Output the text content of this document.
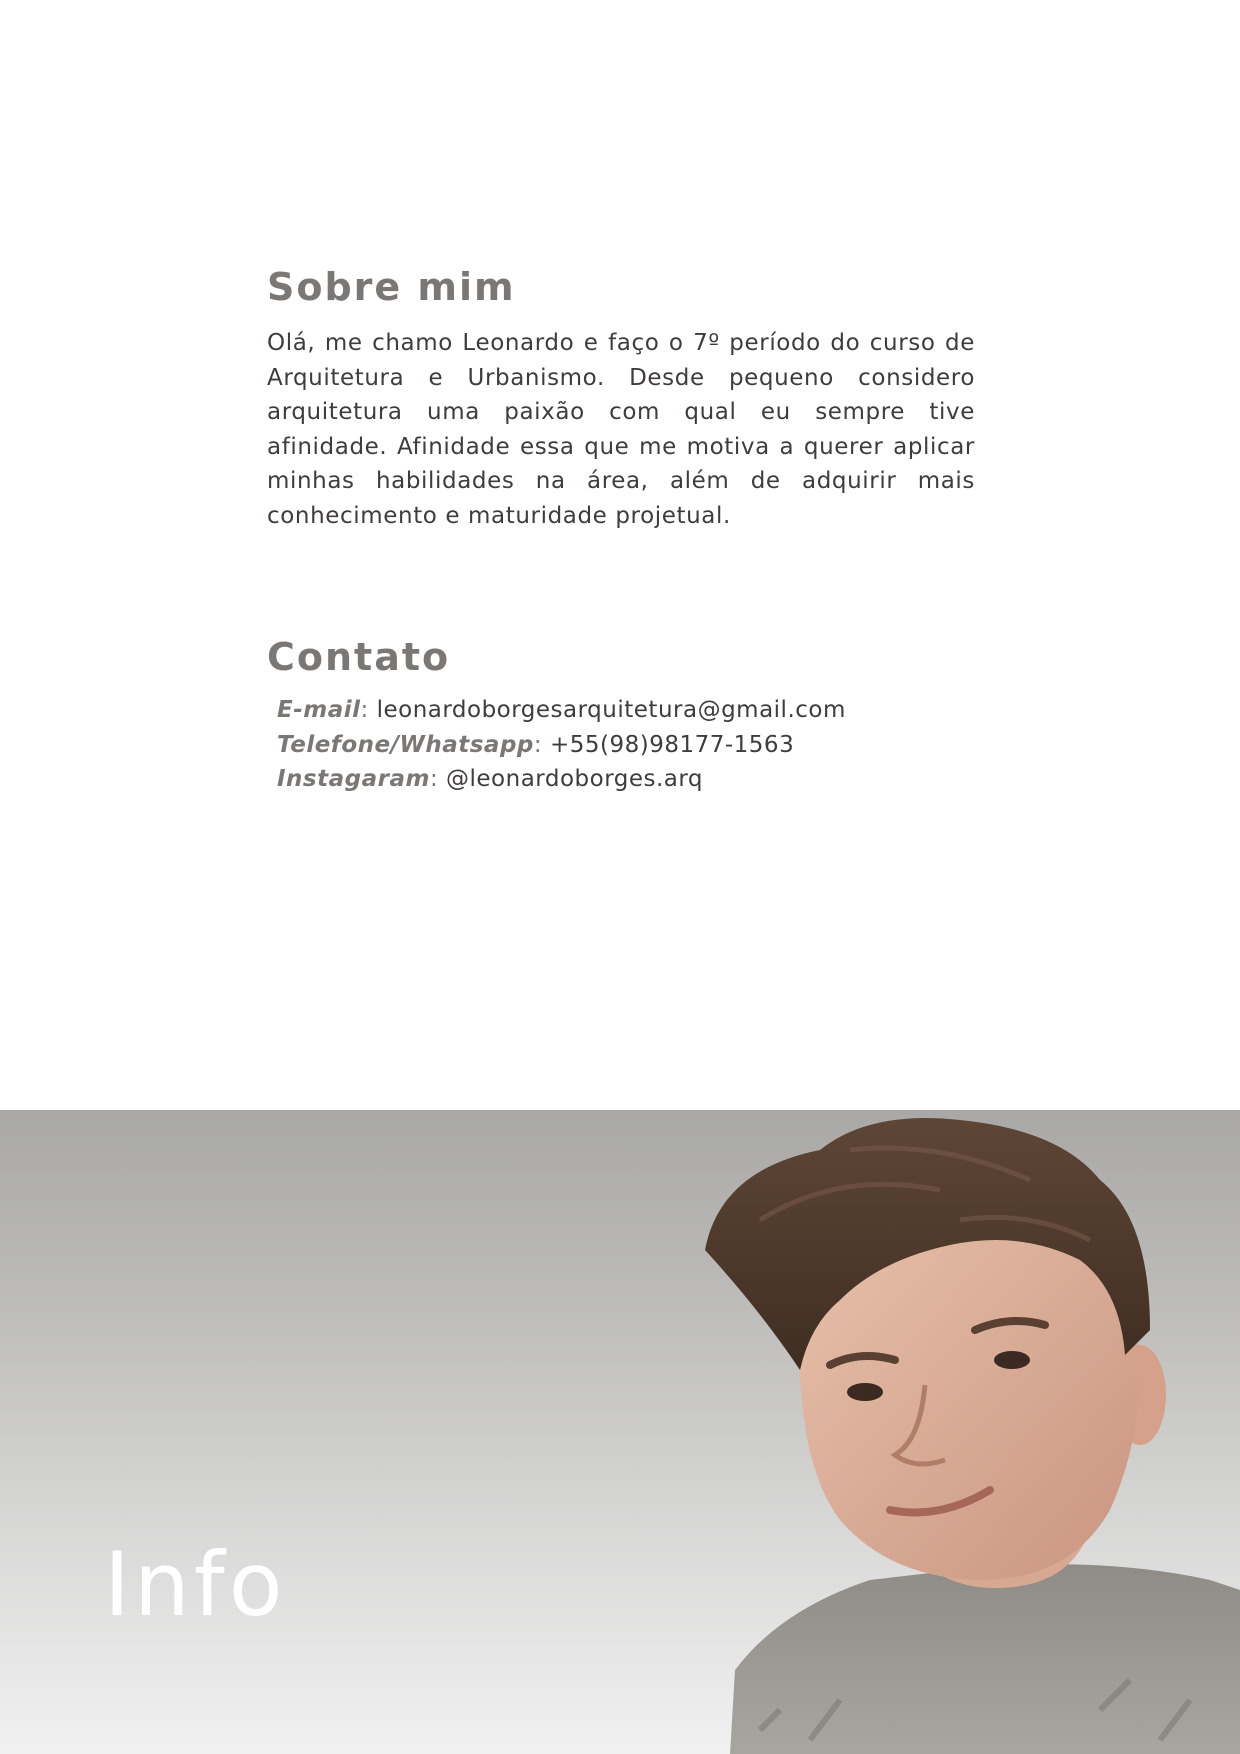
Sobre mim

Olá, me chamo Leonardo e faço o 7º período do curso de Arquitetura e Urbanismo. Desde pequeno considero arquitetura uma paixão com qual eu sempre tive afinidade. Afinidade essa que me motiva a querer aplicar minhas habilidades na área, além de adquirir mais conhecimento e maturidade projetual.

Contato
E-mail: leonardoborgesarquitetura@gmail.com
Telefone/Whatsapp: +55(98)98177-1563
Instagaram: @leonardoborges.arq
Info
